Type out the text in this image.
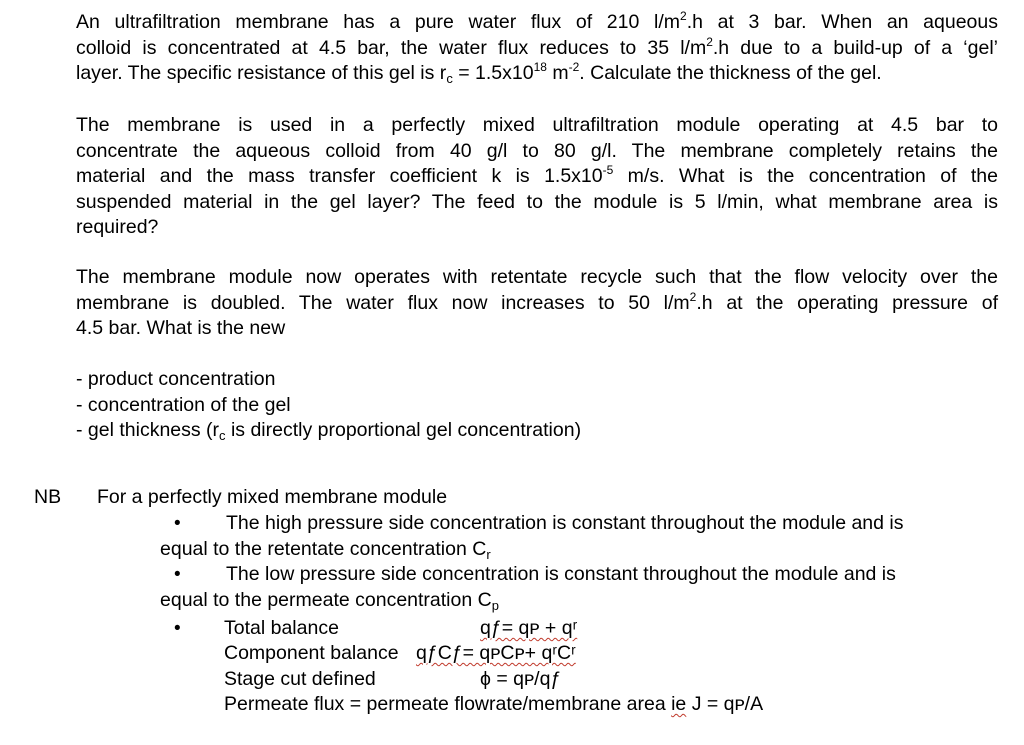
An ultrafiltration membrane has a pure water flux of 210 $l/m^2.h$ at 3 bar. When an aqueous
colloid is concentrated at 4.5 bar, the water flux reduces to 35 $l/m^2.h$ due to a build-up of a ‘gel’
layer. The specific resistance of this gel is $r_c = 1.5x10^{18}$ $m^{-2}$. Calculate the thickness of the gel.
The membrane is used in a perfectly mixed ultrafiltration module operating at 4.5 bar to
concentrate the aqueous colloid from 40 g/l to 80 g/l. The membrane completely retains the
material and the mass transfer coefficient k is $1.5x10^{-5}$ m/s. What is the concentration of the
suspended material in the gel layer? The feed to the module is 5 l/min, what membrane area is
required?
The membrane module now operates with retentate recycle such that the flow velocity over the
membrane is doubled. The water flux now increases to 50 $l/m^2.h$ at the operating pressure of
4.5 bar. What is the new
- product concentration
- concentration of the gel
- gel thickness ($r_c$ is directly proportional gel concentration)
NB For a perfectly mixed membrane module
• The high pressure side concentration is constant throughout the module and is
equal to the retentate concentration $C_r$
• The low pressure side concentration is constant throughout the module and is
equal to the permeate concentration $C_p$
• Total balance	qƒ= qᴘ + qʳ
Component balance qƒCƒ= qᴘCᴘ+ qʳCʳ
Stage cut defined	ϕ = qᴘ/qƒ
Permeate flux = permeate flowrate/membrane area ie J = qᴘ/A
